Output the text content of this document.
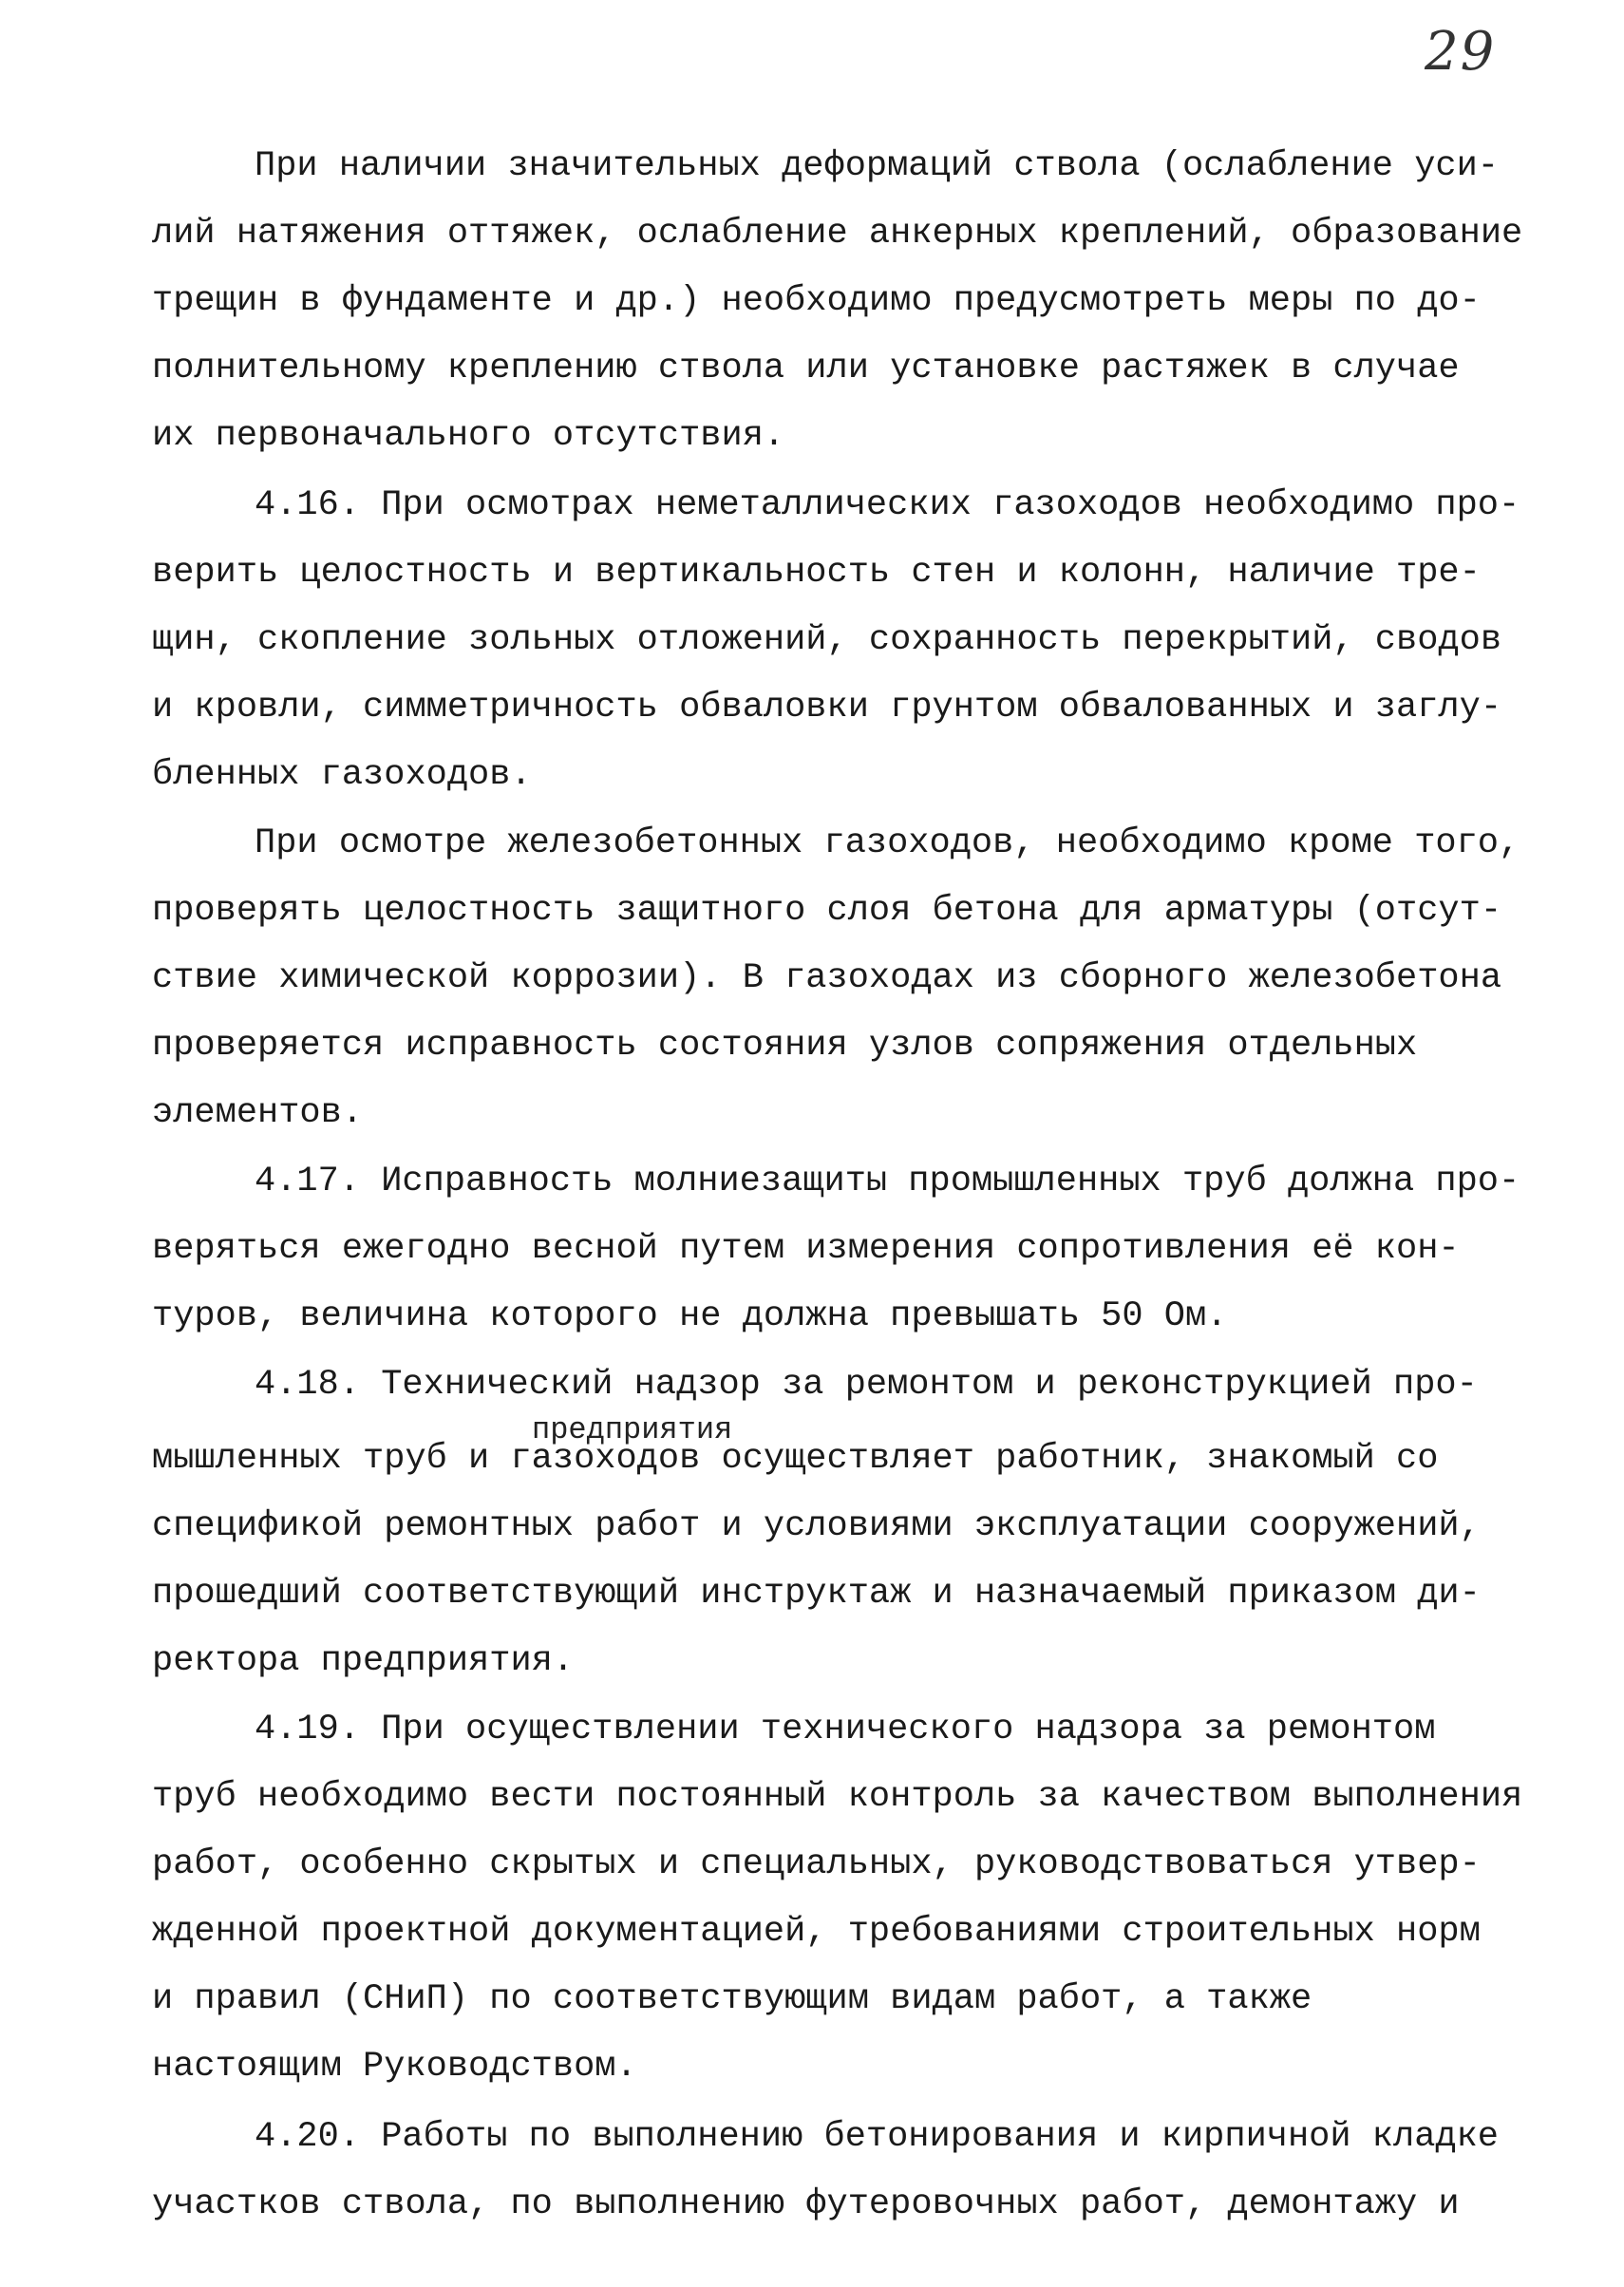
29
При наличии значительных деформаций ствола (ослабление уси-
лий натяжения оттяжек, ослабление анкерных креплений, образование
трещин в фундаменте и др.) необходимо предусмотреть меры по до-
полнительному креплению ствола или установке растяжек в случае
их первоначального отсутствия.
4.16. При осмотрах неметаллических газоходов необходимо про-
верить целостность и вертикальность стен и колонн, наличие тре-
щин, скопление зольных отложений, сохранность перекрытий, сводов
и кровли, симметричность обваловки грунтом обвалованных и заглу-
бленных газоходов.
При осмотре железобетонных газоходов, необходимо кроме того,
проверять целостность защитного слоя бетона для арматуры (отсут-
ствие химической коррозии). В газоходах из сборного железобетона
проверяется исправность состояния узлов сопряжения отдельных
элементов.
4.17. Исправность молниезащиты промышленных труб должна про-
веряться ежегодно весной путем измерения сопротивления её кон-
туров, величина которого не должна превышать 50 Ом.
4.18. Технический надзор за ремонтом и реконструкцией про-
предприятия
мышленных труб и газоходов осуществляет работник, знакомый со
спецификой ремонтных работ и условиями эксплуатации сооружений,
прошедший соответствующий инструктаж и назначаемый приказом ди-
ректора предприятия.
4.19. При осуществлении технического надзора за ремонтом
труб необходимо вести постоянный контроль за качеством выполнения
работ, особенно скрытых и специальных, руководствоваться утвер-
жденной проектной документацией, требованиями строительных норм
и правил (СНиП) по соответствующим видам работ, а также
настоящим Руководством.
4.20. Работы по выполнению бетонирования и кирпичной кладке
участков ствола, по выполнению футеровочных работ, демонтажу и
